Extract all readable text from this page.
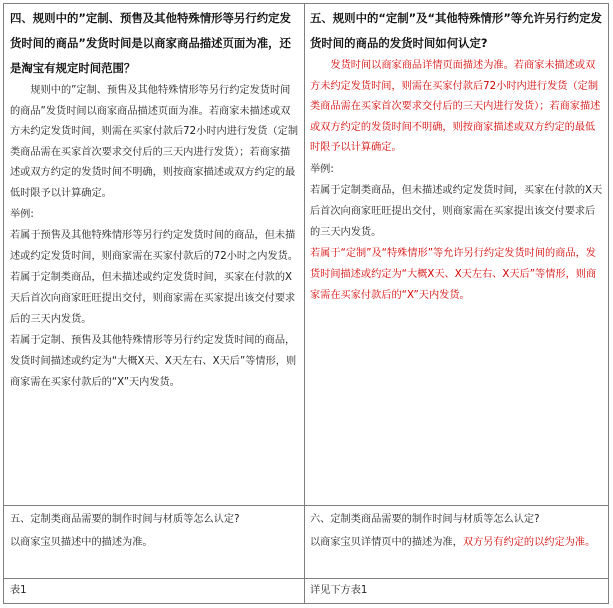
四、规则中的”定制、预售及其他特殊情形等另行约定发货时间的商品”发货时间是以商家商品描述页面为准，还是淘宝有规定时间范围？

规则中的”定制、预售及其他特殊情形等另行约定发货时间的商品”发货时间以商家商品描述页面为准。若商家未描述或双方未约定发货时间，则需在买家付款后72小时内进行发货（定制类商品需在买家首次要求交付后的三天内进行发货）；若商家描述或双方约定的发货时间不明确，则按商家描述或双方约定的最低时限予以计算确定。

举例:

若属于预售及其他特殊情形等另行约定发货时间的商品，但未描述或约定发货时间，则商家需在买家付款后的72小时之内发货。

若属于定制类商品，但未描述或约定发货时间，买家在付款的X天后首次向商家旺旺提出交付，则商家需在买家提出该交付要求后的三天内发货。

若属于定制、预售及其他特殊情形等另行约定发货时间的商品，发货时间描述或约定为“大概X天、X天左右、X天后”等情形，则商家需在买家付款后的“X”天内发货。

五、规则中的“定制”及“其他特殊情形”等允许另行约定发货时间的商品的发货时间如何认定?

发货时间以商家商品详情页面描述为准。若商家未描述或双方未约定发货时间，则需在买家付款后72小时内进行发货（定制类商品需在买家首次要求交付后的三天内进行发货）；若商家描述或双方约定的发货时间不明确，则按商家描述或双方约定的最低时限予以计算确定。

举例:

若属于定制类商品，但未描述或约定发货时间，买家在付款的X天后首次向商家旺旺提出交付，则商家需在买家提出该交付要求后的三天内发货。

若属于“定制”及“特殊情形”等允许另行约定发货时间的商品，发货时间描述或约定为“大概X天、X天左右、X天后”等情形，则商家需在买家付款后的“X”天内发货。

五、定制类商品需要的制作时间与材质等怎么认定?

以商家宝贝描述中的描述为准。

六、定制类商品需要的制作时间与材质等怎么认定?

以商家宝贝详情页中的描述为准，双方另有约定的以约定为准。

表1	详见下方表1
